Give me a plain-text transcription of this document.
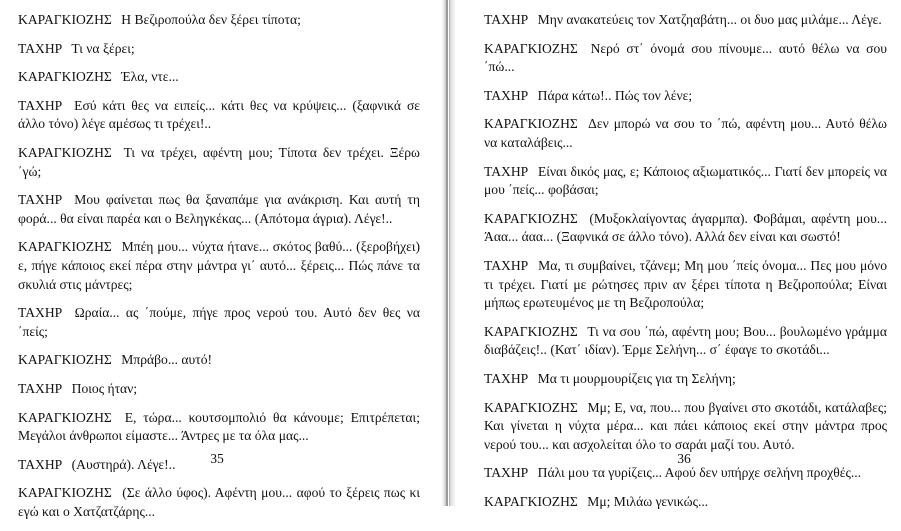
ΚΑΡΑΓΚΙΟΖΗΣ Η Βεζιροπούλα δεν ξέρει τίποτα;

ΤΑΧΗΡ Τι να ξέρει;

ΚΑΡΑΓΚΙΟΖΗΣ Έλα, ντε...

ΤΑΧΗΡ Εσύ κάτι θες να ειπείς... κάτι θες να κρύψεις... (ξαφνικά σε άλλο τόνο) λέγε αμέσως τι τρέχει!..

ΚΑΡΑΓΚΙΟΖΗΣ Τι να τρέχει, αφέντη μου; Τίποτα δεν τρέχει. Ξέρω ΄γώ;

ΤΑΧΗΡ Μου φαίνεται πως θα ξαναπάμε για ανάκριση. Και αυτή τη φορά... θα είναι παρέα και ο Βεληγκέκας... (Απότομα άγρια). Λέγε!..

ΚΑΡΑΓΚΙΟΖΗΣ Μπέη μου... νύχτα ήτανε... σκότος βαθύ... (ξεροβήχει) ε, πήγε κάποιος εκεί πέρα στην μάντρα γι΄ αυτό... ξέρεις... Πώς πάνε τα σκυλιά στις μάντρες;

ΤΑΧΗΡ Ωραία... ας ΄πούμε, πήγε προς νερού του. Αυτό δεν θες να ΄πείς;

ΚΑΡΑΓΚΙΟΖΗΣ Μπράβο... αυτό!

ΤΑΧΗΡ Ποιος ήταν;

ΚΑΡΑΓΚΙΟΖΗΣ Ε, τώρα... κουτσομπολιό θα κάνουμε; Επιτρέπεται; Μεγάλοι άνθρωποι είμαστε... Άντρες με τα όλα μας...

ΤΑΧΗΡ (Αυστηρά). Λέγε!..

ΚΑΡΑΓΚΙΟΖΗΣ (Σε άλλο ύφος). Αφέντη μου... αφού το ξέρεις πως κι εγώ και ο Χατζατζάρης...

35

ΤΑΧΗΡ Μην ανακατεύεις τον Χατζηαβάτη... οι δυο μας μιλάμε... Λέγε.

ΚΑΡΑΓΚΙΟΖΗΣ Νερό στ΄ όνομά σου πίνουμε... αυτό θέλω να σου ΄πώ...

ΤΑΧΗΡ Πάρα κάτω!.. Πώς τον λένε;

ΚΑΡΑΓΚΙΟΖΗΣ Δεν μπορώ να σου το ΄πώ, αφέντη μου... Αυτό θέλω να καταλάβεις...

ΤΑΧΗΡ Είναι δικός μας, ε; Κάποιος αξιωματικός... Γιατί δεν μπορείς να μου ΄πείς... φοβάσαι;

ΚΑΡΑΓΚΙΟΖΗΣ (Μυξοκλαίγοντας άγαρμπα). Φοβάμαι, αφέντη μου... Άαα... άαα... (Ξαφνικά σε άλλο τόνο). Αλλά δεν είναι και σωστό!

ΤΑΧΗΡ Μα, τι συμβαίνει, τζάνεμ; Μη μου ΄πείς όνομα... Πες μου μόνο τι τρέχει. Γιατί με ρώτησες πριν αν ξέρει τίποτα η Βεζιροπούλα; Είναι μήπως ερωτευμένος με τη Βεζιροπούλα;

ΚΑΡΑΓΚΙΟΖΗΣ Τι να σου ΄πώ, αφέντη μου; Βου... βουλωμένο γράμμα διαβάζεις!.. (Κατ΄ ιδίαν). Έρμε Σελήνη... σ΄ έφαγε το σκοτάδι...

ΤΑΧΗΡ Μα τι μουρμουρίζεις για τη Σελήνη;

ΚΑΡΑΓΚΙΟΖΗΣ Μμ; Ε, να, που... που βγαίνει στο σκοτάδι, κατάλαβες; Και γίνεται η νύχτα μέρα... και πάει κάποιος εκεί στην μάντρα προς νερού του... και ασχολείται όλο το σαράι μαζί του. Αυτό.

ΤΑΧΗΡ Πάλι μου τα γυρίζεις... Αφού δεν υπήρχε σελήνη προχθές...

ΚΑΡΑΓΚΙΟΖΗΣ Μμ; Μιλάω γενικώς...

36
